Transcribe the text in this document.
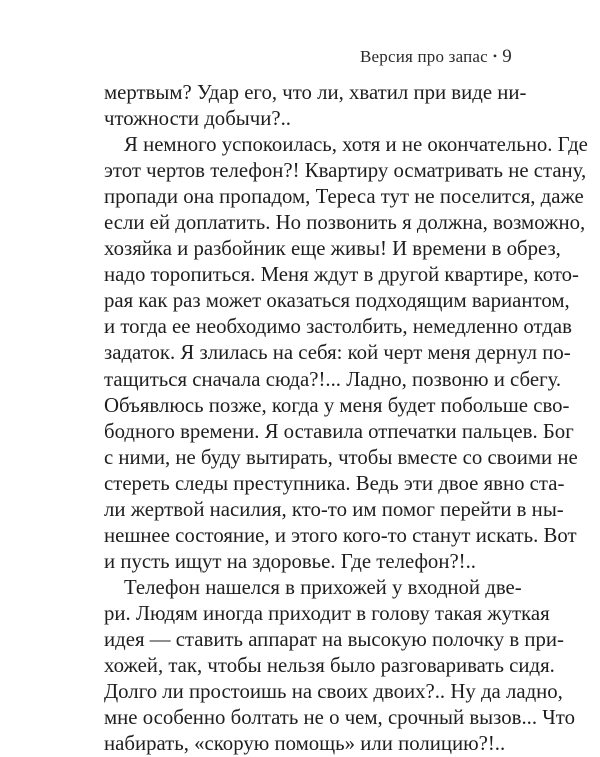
Версия про запас • 9
мертвым? Удар его, что ли, хватил при виде ни-
чтожности добычи?..
Я немного успокоилась, хотя и не окончательно. Где
этот чертов телефон?! Квартиру осматривать не стану,
пропади она пропадом, Тереса тут не поселится, даже
если ей доплатить. Но позвонить я должна, возможно,
хозяйка и разбойник еще живы! И времени в обрез,
надо торопиться. Меня ждут в другой квартире, кото-
рая как раз может оказаться подходящим вариантом,
и тогда ее необходимо застолбить, немедленно отдав
задаток. Я злилась на себя: кой черт меня дернул по-
тащиться сначала сюда?!... Ладно, позвоню и сбегу.
Объявлюсь позже, когда у меня будет побольше сво-
бодного времени. Я оставила отпечатки пальцев. Бог
с ними, не буду вытирать, чтобы вместе со своими не
стереть следы преступника. Ведь эти двое явно ста-
ли жертвой насилия, кто-то им помог перейти в ны-
нешнее состояние, и этого кого-то станут искать. Вот
и пусть ищут на здоровье. Где телефон?!..
Телефон нашелся в прихожей у входной две-
ри. Людям иногда приходит в голову такая жуткая
идея — ставить аппарат на высокую полочку в при-
хожей, так, чтобы нельзя было разговаривать сидя.
Долго ли простоишь на своих двоих?.. Ну да ладно,
мне особенно болтать не о чем, срочный вызов... Что
набирать, «скорую помощь» или полицию?!..
